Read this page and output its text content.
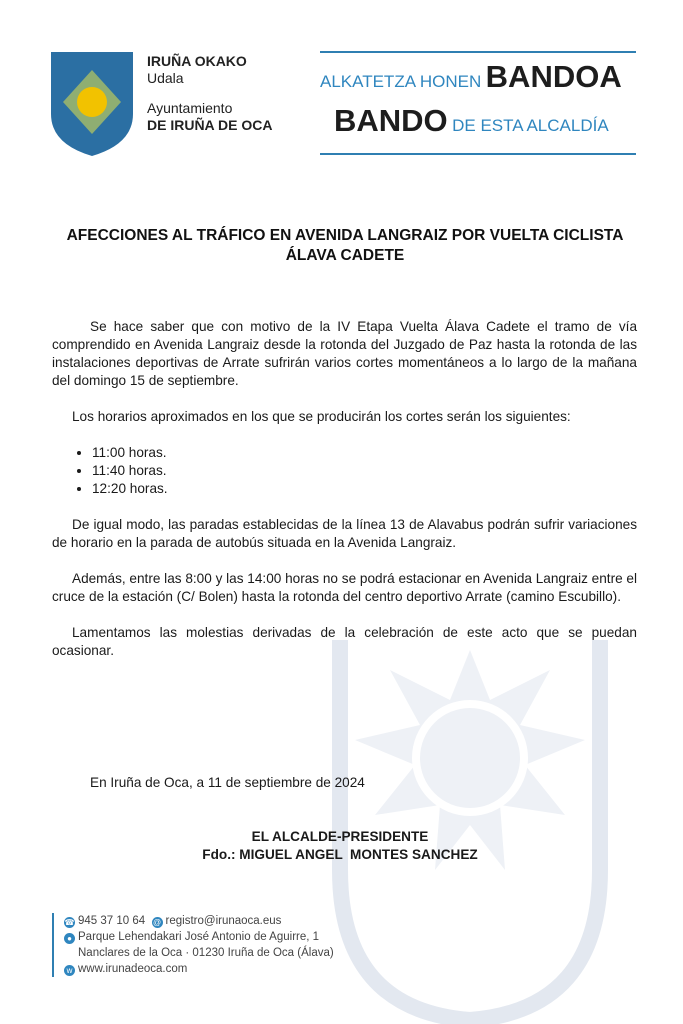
IRUÑA OKAKO
Udala
Ayuntamiento
DE IRUÑA DE OCA
ALKATETZA HONEN BANDOA
BANDO DE ESTA ALCALDÍA
AFECCIONES AL TRÁFICO EN AVENIDA LANGRAIZ POR VUELTA CICLISTA
ÁLAVA CADETE

Se hace saber que con motivo de la IV Etapa Vuelta Álava Cadete el tramo de vía comprendido en Avenida Langraiz desde la rotonda del Juzgado de Paz hasta la rotonda de las instalaciones deportivas de Arrate sufrirán varios cortes momentáneos a lo largo de la mañana del domingo 15 de septiembre.

Los horarios aproximados en los que se producirán los cortes serán los siguientes:

• 11:00 horas.
• 11:40 horas.
• 12:20 horas.

De igual modo, las paradas establecidas de la línea 13 de Alavabus podrán sufrir variaciones de horario en la parada de autobús situada en la Avenida Langraiz.

Además, entre las 8:00 y las 14:00 horas no se podrá estacionar en Avenida Langraiz entre el cruce de la estación (C/ Bolen) hasta la rotonda del centro deportivo Arrate (camino Escubillo).

Lamentamos las molestias derivadas de la celebración de este acto que se puedan ocasionar.

En Iruña de Oca, a 11 de septiembre de 2024
EL ALCALDE-PRESIDENTE
Fdo.: MIGUEL ANGEL  MONTES SANCHEZ
☎ 945 37 10 64 @ registro@irunaoca.eus
● Parque Lehendakari José Antonio de Aguirre, 1
Nanclares de la Oca · 01230 Iruña de Oca (Álava)
w www.irunadeoca.com
